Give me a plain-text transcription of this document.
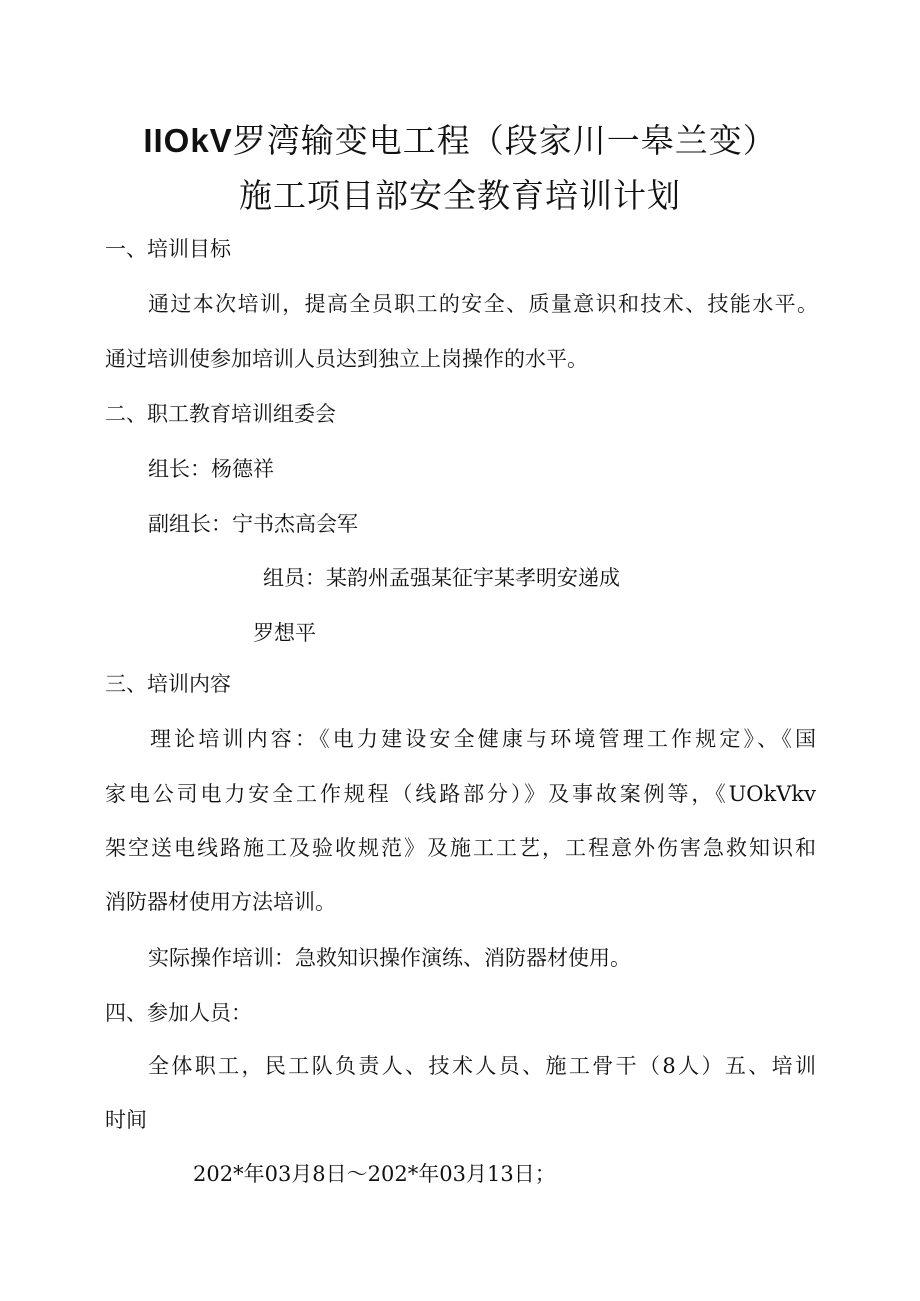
IIOkV罗湾输变电工程（段家川一皋兰变）
施工项目部安全教育培训计划
一、培训目标
通过本次培训，提高全员职工的安全、质量意识和技术、技能水平。
通过培训使参加培训人员达到独立上岗操作的水平。
二、职工教育培训组委会
组长：杨德祥
副组长：宁书杰高会军
组员：某韵州孟强某征宇某孝明安递成
罗想平
三、培训内容
理论培训内容：《电力建设安全健康与环境管理工作规定》、《国
家电公司电力安全工作规程（线路部分）》及事故案例等，《UOkVkv
架空送电线路施工及验收规范》及施工工艺，工程意外伤害急救知识和
消防器材使用方法培训。
实际操作培训：急救知识操作演练、消防器材使用。
四、参加人员：
全体职工，民工队负责人、技术人员、施工骨干（8人）五、培训
时间
202*年03月8日～202*年03月13日；
